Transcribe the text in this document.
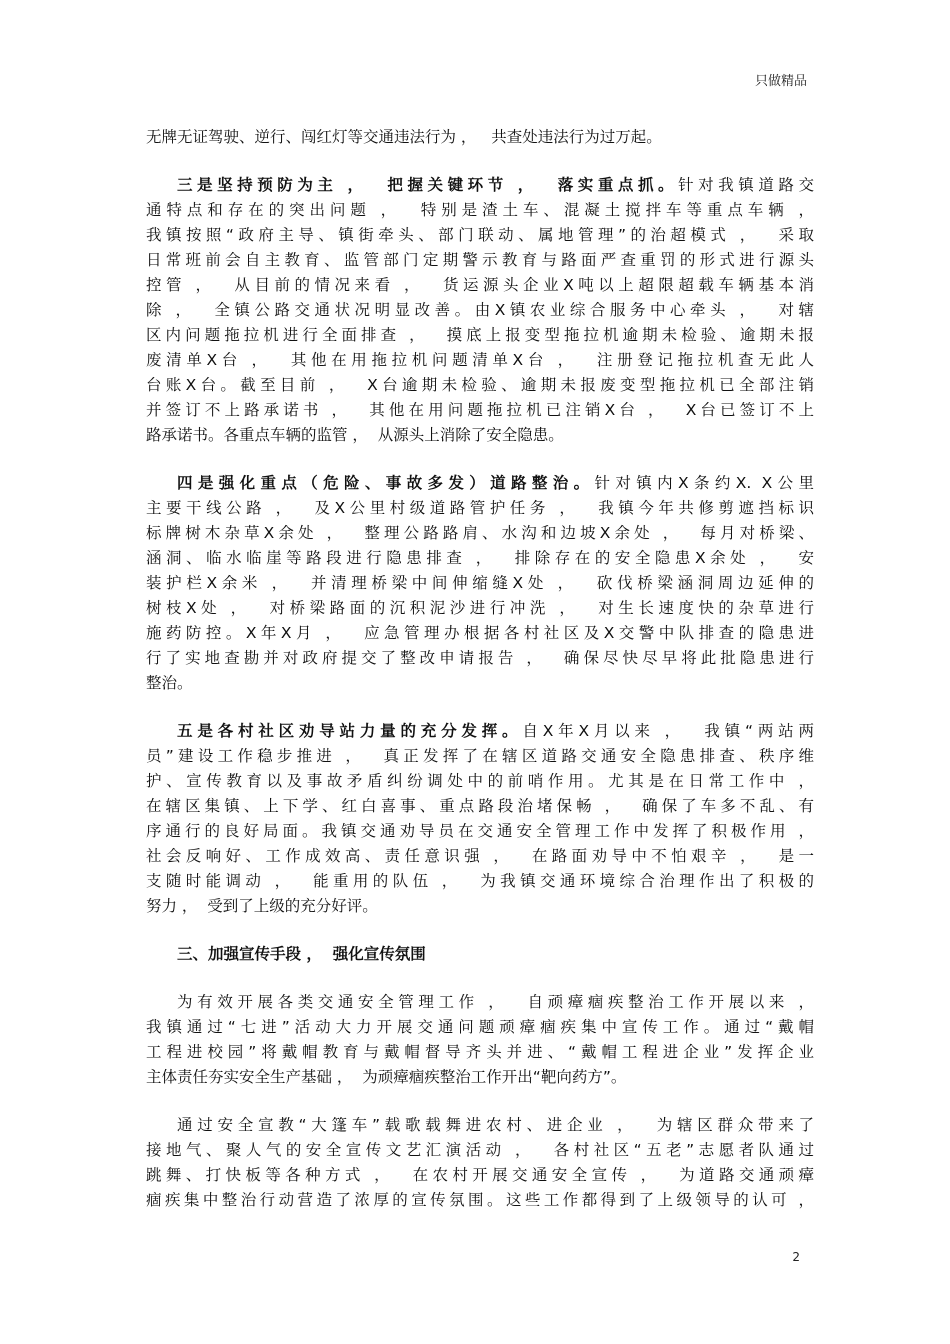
只做精品
无牌无证驾驶、逆行、闯红灯等交通违法行为 ，   共查处违法行为过万起。
三是坚持预防为主 ，  把握关键环节 ，  落实重点抓。针对我镇道路交
通特点和存在的突出问题 ，  特别是渣土车、混凝土搅拌车等重点车辆 ，
我镇按照“政府主导、镇街牵头、部门联动、属地管理”的治超模式 ，  采取
日常班前会自主教育、监管部门定期警示教育与路面严查重罚的形式进行源头
控管 ，  从目前的情况来看 ，  货运源头企业X吨以上超限超载车辆基本消
除 ，  全镇公路交通状况明显改善。由X镇农业综合服务中心牵头 ，  对辖
区内问题拖拉机进行全面排查 ，  摸底上报变型拖拉机逾期未检验、逾期未报
废清单X台 ，  其他在用拖拉机问题清单X台 ，  注册登记拖拉机查无此人
台账X台。截至目前 ，  X台逾期未检验、逾期未报废变型拖拉机已全部注销
并签订不上路承诺书 ，  其他在用问题拖拉机已注销X台 ，  X台已签订不上
路承诺书。各重点车辆的监管 ，  从源头上消除了安全隐患。
四是强化重点（危险、事故多发）道路整治。针对镇内X条约X. X公里
主要干线公路 ，  及X公里村级道路管护任务 ，  我镇今年共修剪遮挡标识
标牌树木杂草X余处 ，  整理公路路肩、水沟和边坡X余处 ，  每月对桥梁、
涵洞、临水临崖等路段进行隐患排查 ，  排除存在的安全隐患X余处 ，  安
装护栏X余米 ，  并清理桥梁中间伸缩缝X处 ，  砍伐桥梁涵洞周边延伸的
树枝X处 ，  对桥梁路面的沉积泥沙进行冲洗 ，  对生长速度快的杂草进行
施药防控。X年X月 ，  应急管理办根据各村社区及X交警中队排查的隐患进
行了实地查勘并对政府提交了整改申请报告 ，  确保尽快尽早将此批隐患进行
整治。
五是各村社区劝导站力量的充分发挥。自X年X月以来 ，  我镇“两站两
员”建设工作稳步推进 ，  真正发挥了在辖区道路交通安全隐患排查、秩序维
护、宣传教育以及事故矛盾纠纷调处中的前哨作用。尤其是在日常工作中 ，
在辖区集镇、上下学、红白喜事、重点路段治堵保畅 ，  确保了车多不乱、有
序通行的良好局面。我镇交通劝导员在交通安全管理工作中发挥了积极作用 ，
社会反响好、工作成效高、责任意识强 ，  在路面劝导中不怕艰辛 ，  是一
支随时能调动 ，  能重用的队伍 ，  为我镇交通环境综合治理作出了积极的
努力 ，  受到了上级的充分好评。
三、加强宣传手段 ，  强化宣传氛围
为有效开展各类交通安全管理工作 ，  自顽瘴痼疾整治工作开展以来 ，
我镇通过“七进”活动大力开展交通问题顽瘴痼疾集中宣传工作。通过“戴帽
工程进校园”将戴帽教育与戴帽督导齐头并进、“戴帽工程进企业”发挥企业
主体责任夯实安全生产基础 ，  为顽瘴痼疾整治工作开出“靶向药方”。
通过安全宣教“大篷车”载歌载舞进农村、进企业 ，  为辖区群众带来了
接地气、聚人气的安全宣传文艺汇演活动 ，  各村社区“五老”志愿者队通过
跳舞、打快板等各种方式 ，  在农村开展交通安全宣传 ，  为道路交通顽瘴
痼疾集中整治行动营造了浓厚的宣传氛围。这些工作都得到了上级领导的认可 ，
2
